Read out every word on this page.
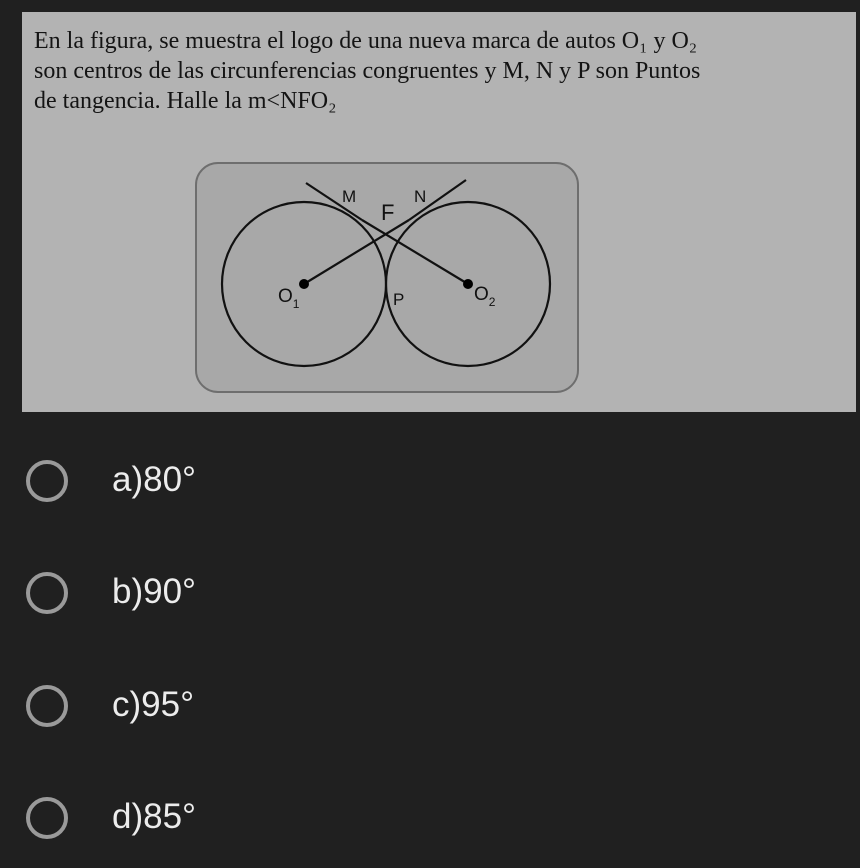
En la figura, se muestra el logo de una nueva marca de autos O₁ y O₂
son centros de las circunferencias congruentes y M, N y P son Puntos
de tangencia. Halle la m<NFO₂

M
F
N
P
$O_1$	$O_2$
a)80°
b)90°
c)95°
d)85°
